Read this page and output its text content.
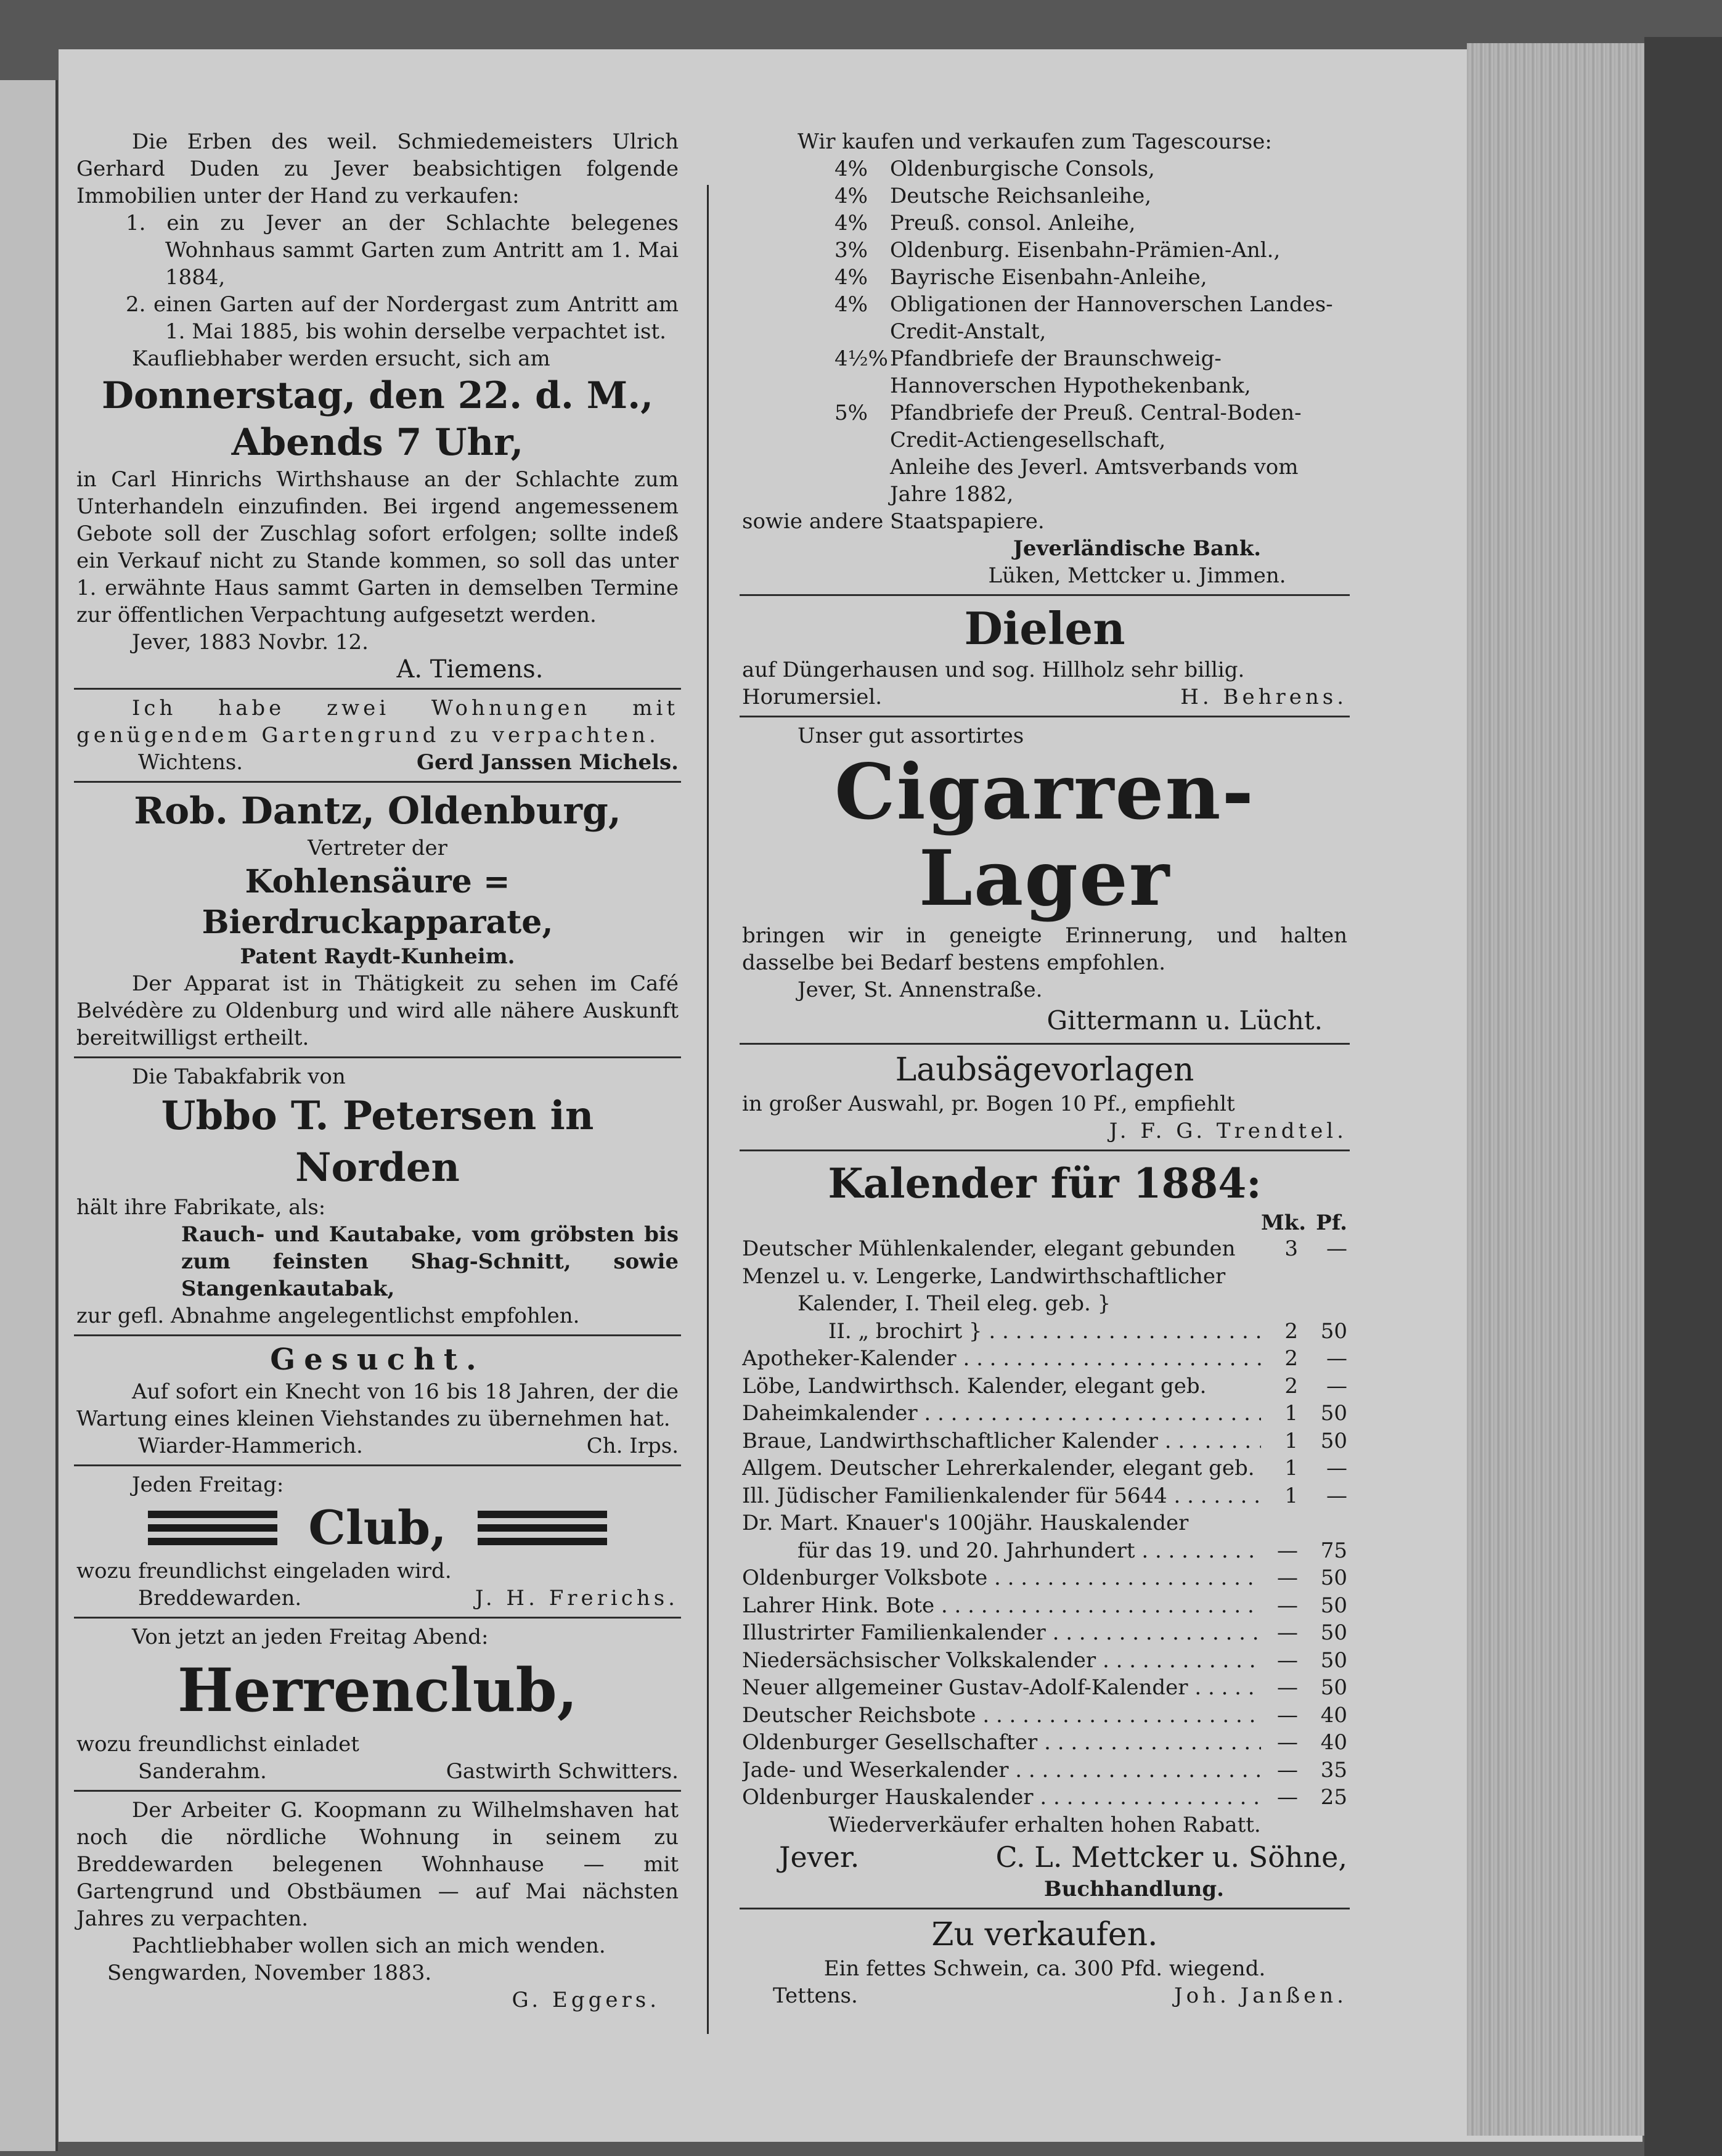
Die Erben des weil. Schmiedemeisters Ulrich Gerhard Duden zu Jever beabsichtigen folgende Immobilien unter der Hand zu verkaufen:

1. ein zu Jever an der Schlachte belegenes Wohnhaus sammt Garten zum Antritt am 1. Mai 1884,
2. einen Garten auf der Nordergast zum Antritt am 1. Mai 1885, bis wohin derselbe verpachtet ist.

Kaufliebhaber werden ersucht, sich am

Donnerstag, den 22. d. M.,
Abends 7 Uhr,

in Carl Hinrichs Wirthshause an der Schlachte zum Unterhandeln einzufinden. Bei irgend angemessenem Gebote soll der Zuschlag sofort erfolgen; sollte indeß ein Verkauf nicht zu Stande kommen, so soll das unter 1. erwähnte Haus sammt Garten in demselben Termine zur öffentlichen Verpachtung aufgesetzt werden.

Jever, 1883 Novbr. 12.

A. Tiemens.

Ich habe zwei Wohnungen mit genügendem Gartengrund zu verpachten.

Wichtens.	Gerd Janssen Michels.
Rob. Dantz, Oldenburg,

Vertreter der

Kohlensäure = Bierdruckapparate,

Patent Raydt-Kunheim.

Der Apparat ist in Thätigkeit zu sehen im Café Belvédère zu Oldenburg und wird alle nähere Auskunft bereitwilligst ertheilt.

Die Tabakfabrik von

Ubbo T. Petersen in Norden

hält ihre Fabrikate, als:

Rauch- und Kautabake, vom gröbsten bis zum feinsten Shag-Schnitt, sowie Stangenkautabak,

zur gefl. Abnahme angelegentlichst empfohlen.

Gesucht.

Auf sofort ein Knecht von 16 bis 18 Jahren, der die Wartung eines kleinen Viehstandes zu übernehmen hat.

Wiarder-Hammerich.	Ch. Irps.

Jeden Freitag:

Club,

wozu freundlichst eingeladen wird.

Breddewarden.	J. H. Frerichs.

Von jetzt an jeden Freitag Abend:

Herrenclub,

wozu freundlichst einladet

Sanderahm.	Gastwirth Schwitters.

Der Arbeiter G. Koopmann zu Wilhelmshaven hat noch die nördliche Wohnung in seinem zu Breddewarden belegenen Wohnhause — mit Gartengrund und Obstbäumen — auf Mai nächsten Jahres zu verpachten.

Pachtliebhaber wollen sich an mich wenden.

Sengwarden, November 1883.

G. Eggers.

Wir kaufen und verkaufen zum Tagescourse:

4%	Oldenburgische Consols,
4%	Deutsche Reichsanleihe,
4%	Preuß. consol. Anleihe,
3%	Oldenburg. Eisenbahn-Prämien-Anl.,
4%	Bayrische Eisenbahn-Anleihe,
4%	Obligationen der Hannoverschen Landes-Credit-Anstalt,
4½% Pfandbriefe der Braunschweig-Hannoverschen Hypothekenbank,
5%	Pfandbriefe der Preuß. Central-Boden-Credit-Actiengesellschaft,
Anleihe des Jeverl. Amtsverbands vom Jahre 1882,

sowie andere Staatspapiere.

Jeverländische Bank.

Lüken, Mettcker u. Jimmen.

Dielen

auf Düngerhausen und sog. Hillholz sehr billig.

Horumersiel.	H. Behrens.

Unser gut assortirtes

Cigarren-Lager

bringen wir in geneigte Erinnerung, und halten dasselbe bei Bedarf bestens empfohlen.

Jever, St. Annenstraße.

Gittermann u. Lücht.

Laubsägevorlagen

in großer Auswahl, pr. Bogen 10 Pf., empfiehlt

J. F. G. Trendtel.

Kalender für 1884:
Mk. Pf.
Deutscher Mühlenkalender, elegant gebunden	3	—
Menzel u. v. Lengerke, Landwirthschaftlicher
Kalender, I. Theil eleg. geb. }
II. „ brochirt } . . .	2	50
Apotheker-Kalender . . .	2	—
Löbe, Landwirthsch. Kalender, elegant geb.	2	—
Daheimkalender . . .	1	50
Braue, Landwirthschaftlicher Kalender . . .	1	50
Allgem. Deutscher Lehrerkalender, elegant geb.	1	—
Ill. Jüdischer Familienkalender für 5644 . . .	1	—
Dr. Mart. Knauer's 100jähr. Hauskalender
für das 19. und 20. Jahrhundert . . .	—	75
Oldenburger Volksbote . . .	—	50
Lahrer Hink. Bote . . .	—	50
Illustrirter Familienkalender . . .	—	50
Niedersächsischer Volkskalender . . .	—	50
Neuer allgemeiner Gustav-Adolf-Kalender . . .	—	50
Deutscher Reichsbote . . .	—	40
Oldenburger Gesellschafter . . .	—	40
Jade- und Weserkalender . . .	—	35
Oldenburger Hauskalender . . .	—	25

Wiederverkäufer erhalten hohen Rabatt.

Jever.	C. L. Mettcker u. Söhne,

Buchhandlung.

Zu verkaufen.

Ein fettes Schwein, ca. 300 Pfd. wiegend.

Tettens.	Joh. Janßen.
